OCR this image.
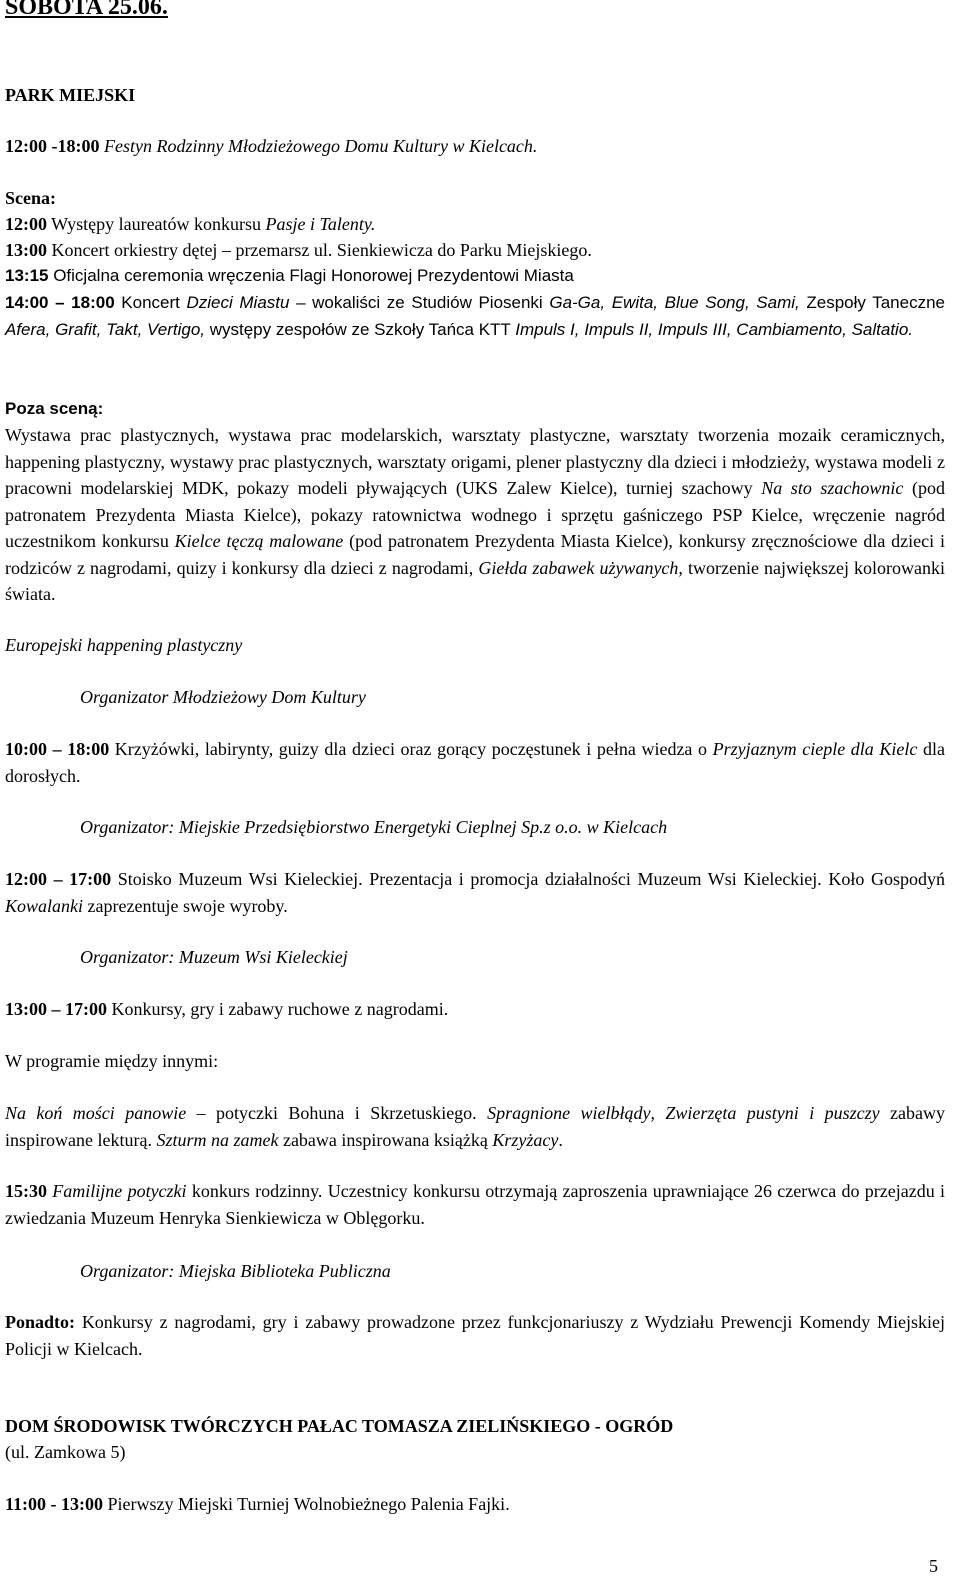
SOBOTA 25.06.
PARK MIEJSKI
12:00 -18:00 Festyn Rodzinny Młodzieżowego Domu Kultury w Kielcach.
Scena:
12:00 Występy laureatów konkursu Pasje i Talenty.
13:00 Koncert orkiestry dętej – przemarsz ul. Sienkiewicza do Parku Miejskiego.
13:15 Oficjalna ceremonia wręczenia Flagi Honorowej Prezydentowi Miasta
14:00 – 18:00 Koncert Dzieci Miastu – wokaliści ze Studiów Piosenki Ga-Ga, Ewita, Blue Song, Sami, Zespoły Taneczne Afera, Grafit, Takt, Vertigo, występy zespołów ze Szkoły Tańca KTT Impuls I, Impuls II, Impuls III, Cambiamento, Saltatio.
Poza sceną:
Wystawa prac plastycznych, wystawa prac modelarskich, warsztaty plastyczne, warsztaty tworzenia mozaik ceramicznych, happening plastyczny, wystawy prac plastycznych, warsztaty origami, plener plastyczny dla dzieci i młodzieży, wystawa modeli z pracowni modelarskiej MDK, pokazy modeli pływających (UKS Zalew Kielce), turniej szachowy Na sto szachownic (pod patronatem Prezydenta Miasta Kielce), pokazy ratownictwa wodnego i sprzętu gaśniczego PSP Kielce, wręczenie nagród uczestnikom konkursu Kielce tęczą malowane (pod patronatem Prezydenta Miasta Kielce), konkursy zręcznościowe dla dzieci i rodziców z nagrodami, quizy i konkursy dla dzieci z nagrodami, Giełda zabawek używanych, tworzenie największej kolorowanki świata.
Europejski happening plastyczny
Organizator Młodzieżowy Dom Kultury
10:00 – 18:00 Krzyżówki, labirynty, guizy dla dzieci oraz gorący poczęstunek i pełna wiedza o Przyjaznym cieple dla Kielc dla dorosłych.
Organizator: Miejskie Przedsiębiorstwo Energetyki Cieplnej Sp.z o.o. w Kielcach
12:00 – 17:00 Stoisko Muzeum Wsi Kieleckiej. Prezentacja i promocja działalności Muzeum Wsi Kieleckiej. Koło Gospodyń Kowalanki zaprezentuje swoje wyroby.
Organizator: Muzeum Wsi Kieleckiej
13:00 – 17:00 Konkursy, gry i zabawy ruchowe z nagrodami.
W programie między innymi:
Na koń mości panowie – potyczki Bohuna i Skrzetuskiego. Spragnione wielbłądy, Zwierzęta pustyni i puszczy zabawy inspirowane lekturą. Szturm na zamek zabawa inspirowana książką Krzyżacy.
15:30 Familijne potyczki konkurs rodzinny. Uczestnicy konkursu otrzymają zaproszenia uprawniające 26 czerwca do przejazdu i zwiedzania Muzeum Henryka Sienkiewicza w Oblęgorku.
Organizator: Miejska Biblioteka Publiczna
Ponadto: Konkursy z nagrodami, gry i zabawy prowadzone przez funkcjonariuszy z Wydziału Prewencji Komendy Miejskiej Policji w Kielcach.
DOM ŚRODOWISK TWÓRCZYCH PAŁAC TOMASZA ZIELIŃSKIEGO - OGRÓD
(ul. Zamkowa 5)
11:00 - 13:00 Pierwszy Miejski Turniej Wolnobieżnego Palenia Fajki.
5
